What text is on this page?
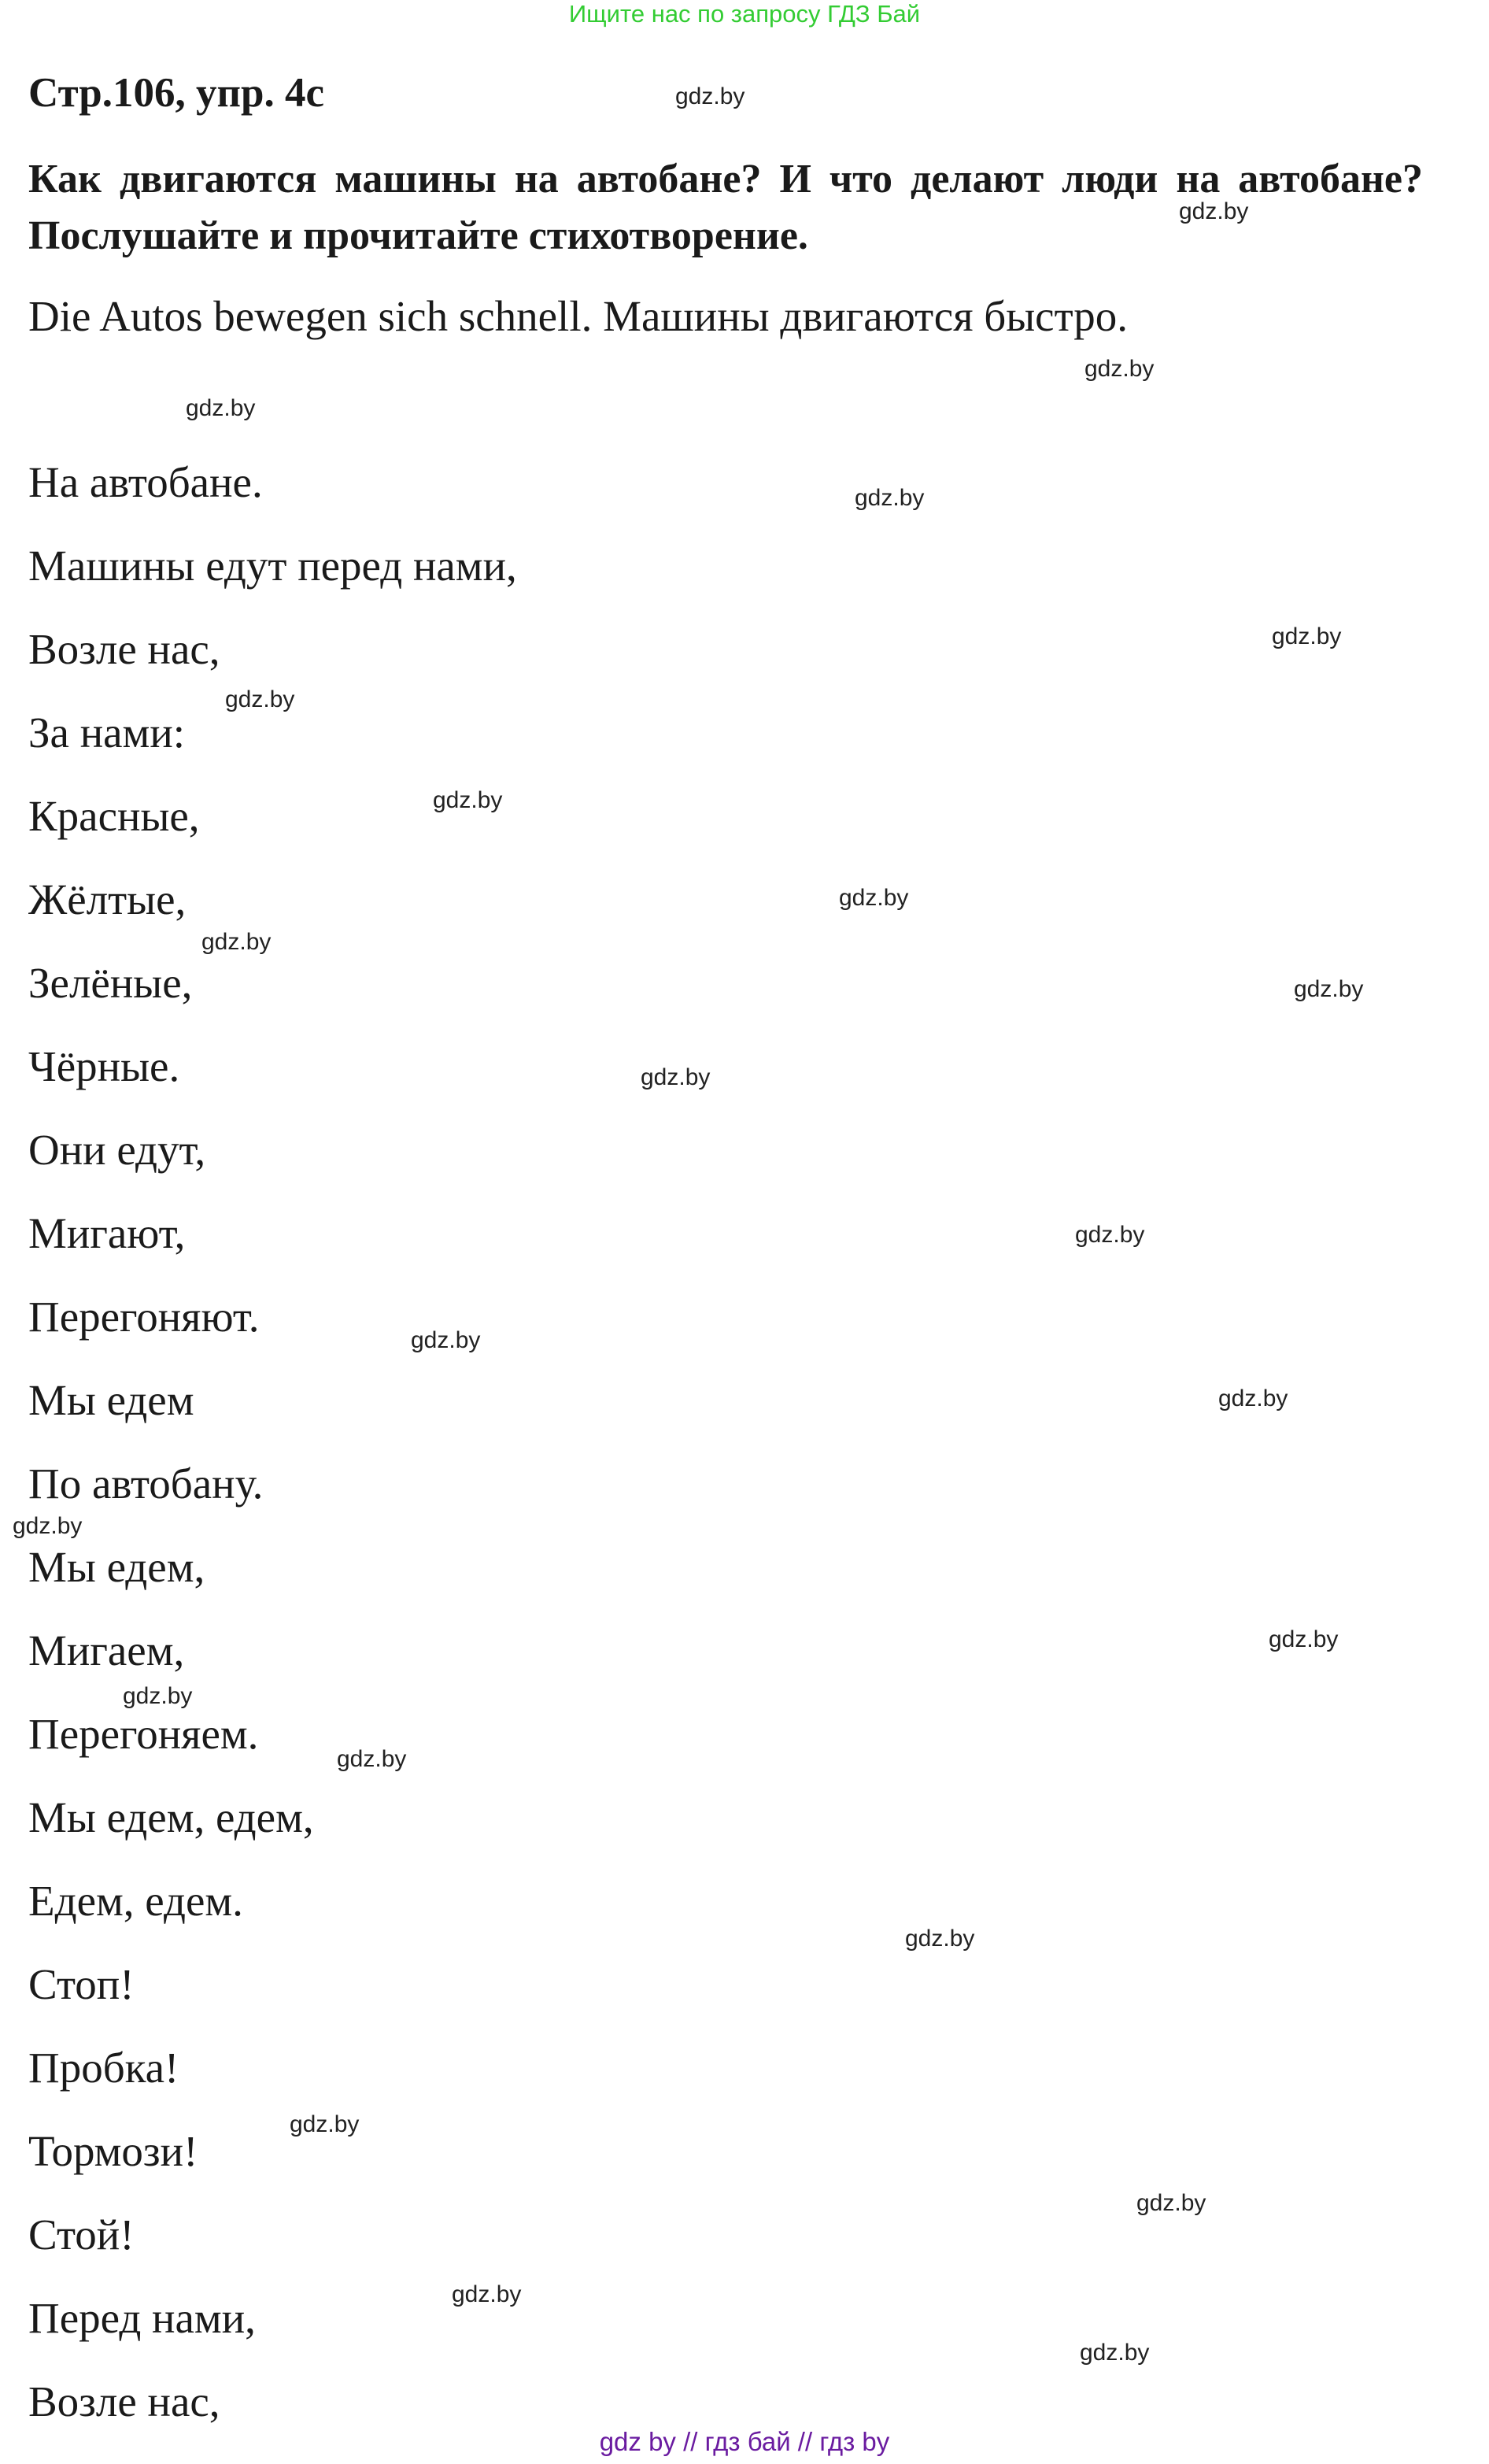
Ищите нас по запросу ГДЗ Бай
Стр.106, упр. 4c

Как двигаются машины на автобане? И что делают люди на автобане? Послушайте и прочитайте стихотворение.

Die Autos bewegen sich schnell. Машины двигаются быстро.

На автобане.
Машины едут перед нами,
Возле нас,
За нами:
Красные,
Жёлтые,
Зелёные,
Чёрные.
Они едут,
Мигают,
Перегоняют.
Мы едем
По автобану.
Мы едем,
Мигаем,
Перегоняем.
Мы едем, едем,
Едем, едем.
Стоп!
Пробка!
Тормози!
Стой!
Перед нами,
Возле нас,
gdz.by
gdz.by
gdz.by
gdz.by
gdz.by
gdz.by
gdz.by
gdz.by
gdz.by
gdz.by
gdz.by
gdz.by
gdz.by
gdz.by
gdz.by
gdz.by
gdz.by
gdz.by
gdz.by
gdz.by
gdz.by
gdz.by
gdz.by
gdz.by
gdz by // гдз бай // гдз by
